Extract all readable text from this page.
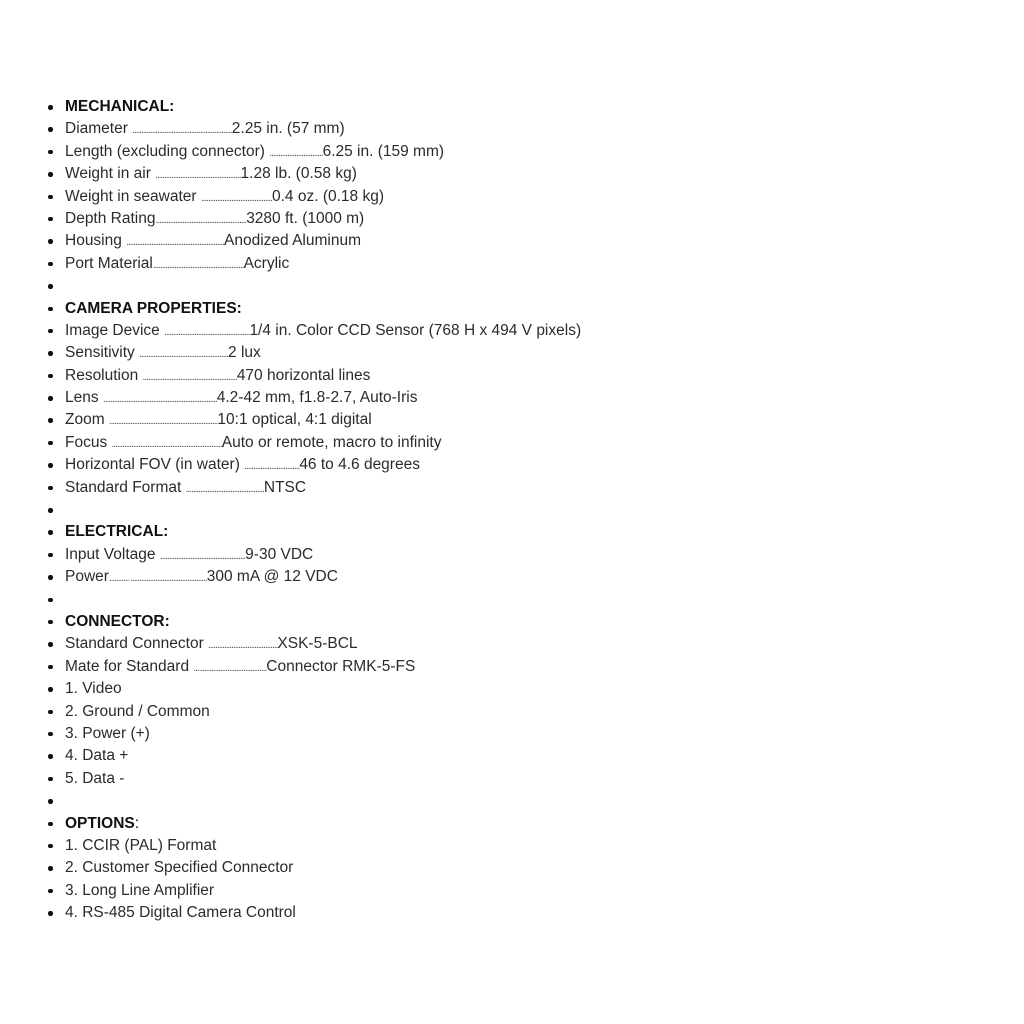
MECHANICAL:
Diameter ........................................................2.25 in. (57 mm)
Length (excluding connector) ..............................6.25 in. (159 mm)
Weight in air ................................................1.28 lb. (0.58 kg)
Weight in seawater ........................................0.4 oz. (0.18 kg)
Depth Rating...................................................3280 ft. (1000 m)
Housing .......................................................Anodized Aluminum
Port Material...................................................Acrylic
CAMERA PROPERTIES:
Image Device ................................................1/4 in. Color CCD Sensor (768 H x 494 V pixels)
Sensitivity ..................................................2 lux
Resolution .....................................................470 horizontal lines
Lens ................................................................4.2-42 mm, f1.8-2.7, Auto-Iris
Zoom .............................................................10:1 optical, 4:1 digital
Focus ..............................................................Auto or remote, macro to infinity
Horizontal FOV (in water) ...............................46 to 4.6 degrees
Standard Format ............................................NTSC
ELECTRICAL:
Input Voltage ................................................9-30 VDC
Power........... ...........................................300 mA @ 12 VDC
CONNECTOR:
Standard Connector .......................................XSK-5-BCL
Mate for Standard .........................................Connector RMK-5-FS
1. Video
2. Ground / Common
3. Power (+)
4. Data +
5. Data -
OPTIONS:
1. CCIR (PAL) Format
2. Customer Specified Connector
3. Long Line Amplifier
4. RS-485 Digital Camera Control
